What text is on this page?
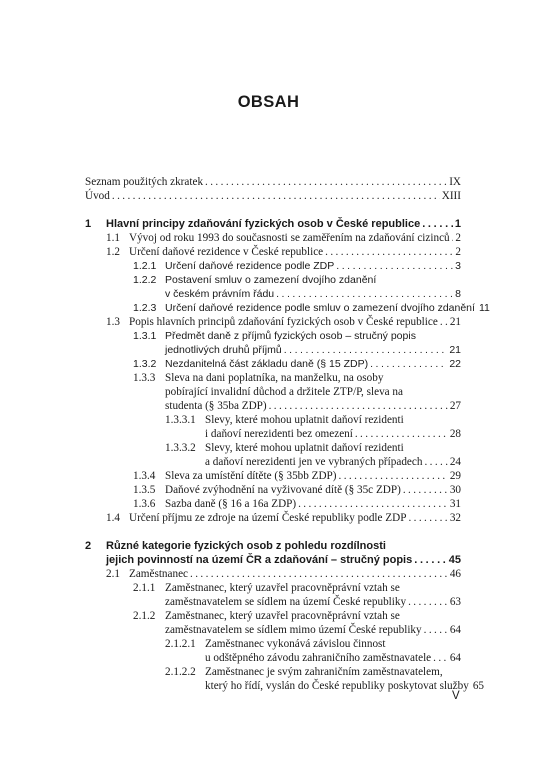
OBSAH
Seznam použitých zkratek . . .	IX
Úvod . . .	XIII
1 Hlavní principy zdaňování fyzických osob v České republice . . .	1
1.1 Vývoj od roku 1993 do současnosti se zaměřením na zdaňování cizinců . . . 2
1.2 Určení daňové rezidence v České republice . . .	2
1.2.1 Určení daňové rezidence podle ZDP . . .	3
1.2.2 Postavení smluv o zamezení dvojího zdanění
v českém právním řádu . . .	8
1.2.3 Určení daňové rezidence podle smluv o zamezení dvojího zdanění 11
1.3 Popis hlavních principů zdaňování fyzických osob v České republice . . . 21
1.3.1 Předmět daně z příjmů fyzických osob – stručný popis
jednotlivých druhů příjmů . . .	21
1.3.2 Nezdanitelná část základu daně (§ 15 ZDP) . . .	22
1.3.3 Sleva na dani poplatníka, na manželku, na osoby
pobírající invalidní důchod a držitele ZTP/P, sleva na
studenta (§ 35ba ZDP) . . .	27
1.3.3.1 Slevy, které mohou uplatnit daňoví rezidenti
i daňoví nerezidenti bez omezení . . .	28
1.3.3.2 Slevy, které mohou uplatnit daňoví rezidenti
a daňoví nerezidenti jen ve vybraných případech . . . 24
1.3.4 Sleva za umístění dítěte (§ 35bb ZDP) . . .	29
1.3.5 Daňové zvýhodnění na vyživované dítě (§ 35c ZDP) . . .	30
1.3.6 Sazba daně (§ 16 a 16a ZDP) . . .	31
1.4 Určení příjmu ze zdroje na území České republiky podle ZDP . . .	32
2 Různé kategorie fyzických osob z pohledu rozdílnosti
jejich povinností na území ČR a zdaňování – stručný popis . . .	45
2.1 Zaměstnanec . . .	46
2.1.1 Zaměstnanec, který uzavřel pracovněprávní vztah se
zaměstnavatelem se sídlem na území České republiky . . .	63
2.1.2 Zaměstnanec, který uzavřel pracovněprávní vztah se
zaměstnavatelem se sídlem mimo území České republiky . . .	64
2.1.2.1 Zaměstnanec vykonává závislou činnost
u odštěpného závodu zahraničního zaměstnavatele . . . 64
2.1.2.2 Zaměstnanec je svým zahraničním zaměstnavatelem,
který ho řídí, vyslán do České republiky poskytovat služby 65
V
